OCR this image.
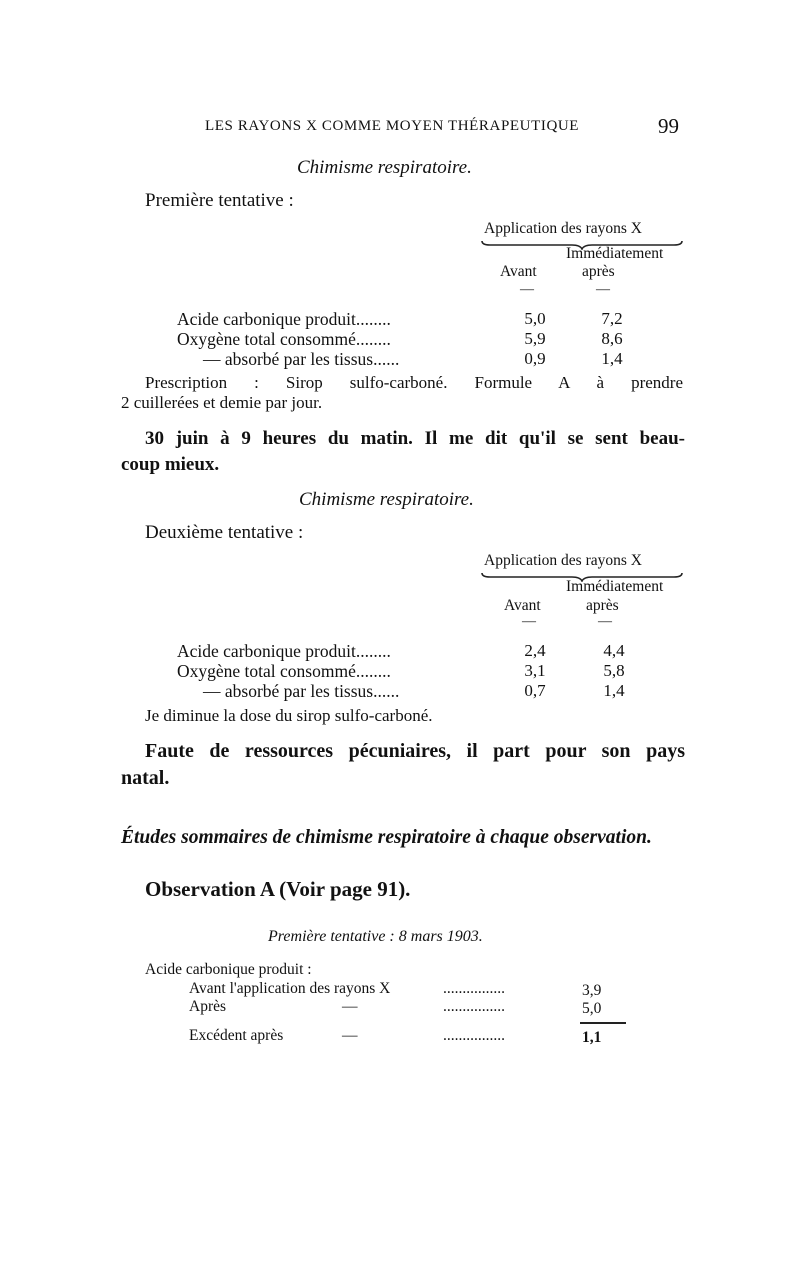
LES RAYONS X COMME MOYEN THÉRAPEUTIQUE	99
Chimisme respiratoire.
Première tentative :
Application des rayons X
Immédiatement
Avant	après
—	—
Acide carbonique produit........	5,0	7,2
Oxygène total consommé........	5,9	8,6
— absorbé par les tissus......	0,9	1,4
Prescription : Sirop sulfo-carboné. Formule A à prendre
2 cuillerées et demie par jour.
30 juin à 9 heures du matin. Il me dit qu'il se sent beau-
coup mieux.
Chimisme respiratoire.
Deuxième tentative :
Application des rayons X
Immédiatement
Avant	après
—	—
Acide carbonique produit........	2,4	4,4
Oxygène total consommé........	3,1	5,8
— absorbé par les tissus......	0,7	1,4
Je diminue la dose du sirop sulfo-carboné.
Faute de ressources pécuniaires, il part pour son pays
natal.
Études sommaires de chimisme respiratoire à chaque observation.
Observation A (Voir page 91).
Première tentative : 8 mars 1903.
Acide carbonique produit :
Avant l'application des rayons X	................	3,9
Après	—	................	5,0
Excédent après	—	................	1,1
